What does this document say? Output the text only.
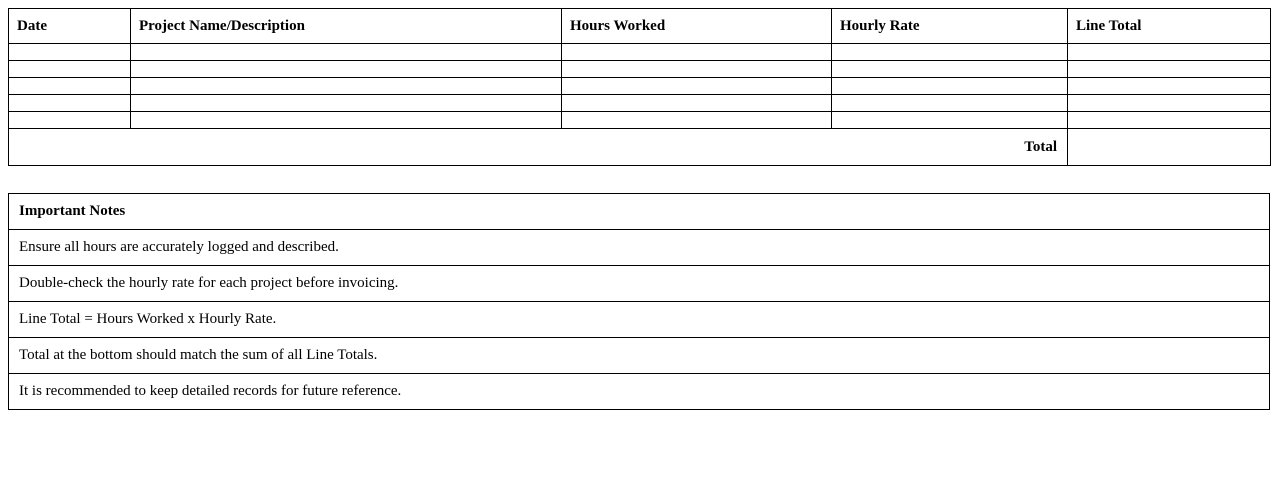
Date	Project Name/Description	Hours Worked	Hourly Rate	Line Total

Total				
Important Notes
Ensure all hours are accurately logged and described.
Double-check the hourly rate for each project before invoicing.
Line Total = Hours Worked x Hourly Rate.
Total at the bottom should match the sum of all Line Totals.
It is recommended to keep detailed records for future reference.
